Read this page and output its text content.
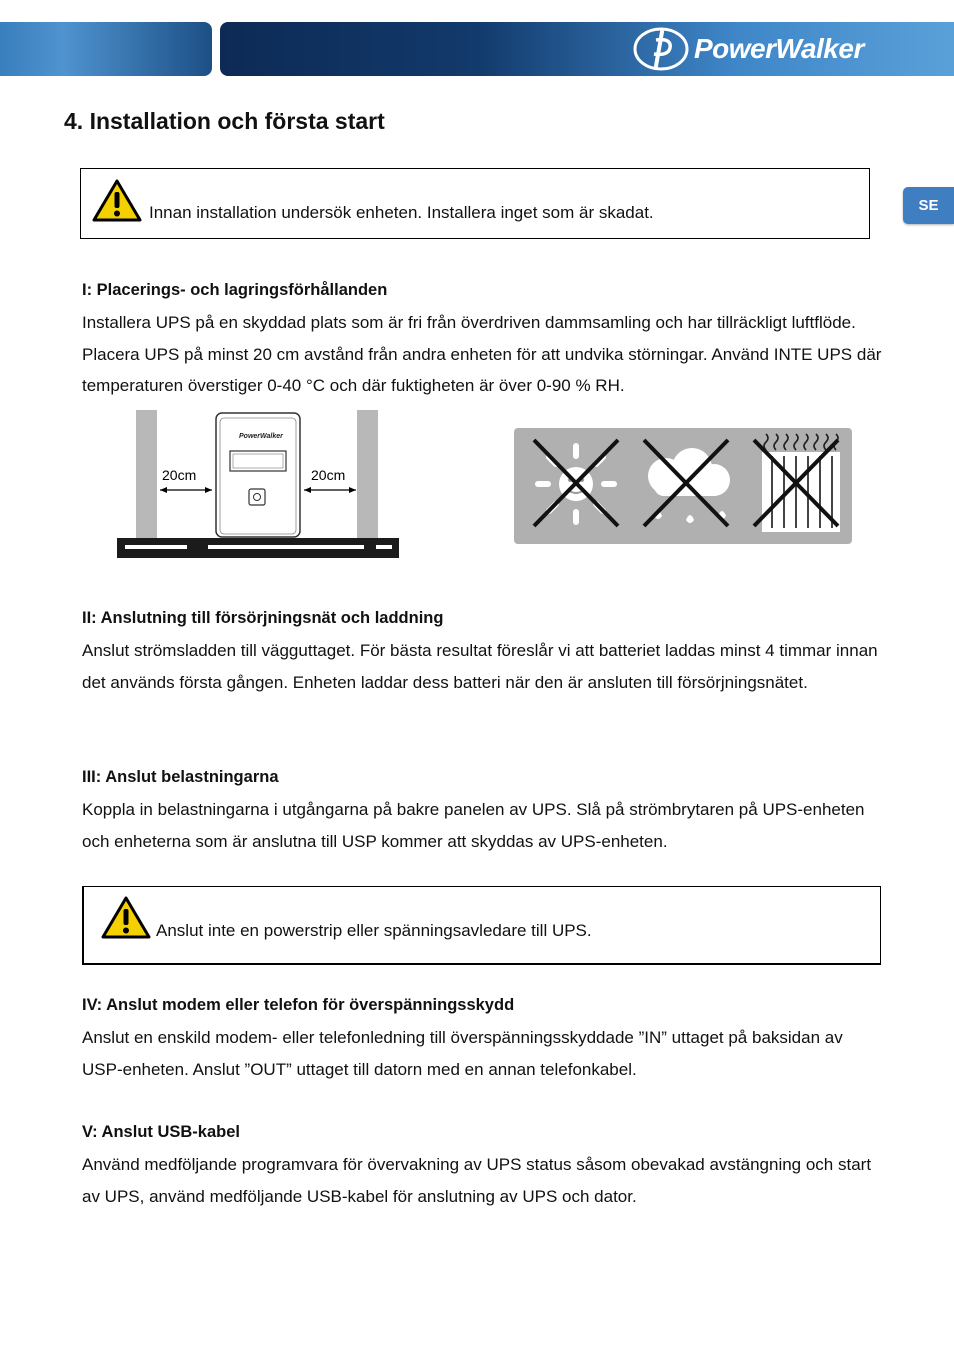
PowerWalker
4. Installation och första start
SE
Innan installation undersök enheten. Installera inget som är skadat.

I: Placerings- och lagringsförhållanden

Installera UPS på en skyddad plats som är fri från överdriven dammsamling och har tillräckligt luftflöde. Placera UPS på minst 20 cm avstånd från andra enheten för att undvika störningar. Använd INTE UPS där temperaturen överstiger 0-40 °C och där fuktigheten är över 0-90 % RH.

PowerWalker
20cm	20cm

II: Anslutning till försörjningsnät och laddning

Anslut strömsladden till vägguttaget. För bästa resultat föreslår vi att batteriet laddas minst 4 timmar innan det används första gången. Enheten laddar dess batteri när den är ansluten till försörjningsnätet.

III: Anslut belastningarna

Koppla in belastningarna i utgångarna på bakre panelen av UPS. Slå på strömbrytaren på UPS-enheten och enheterna som är anslutna till USP kommer att skyddas av UPS-enheten.

Anslut inte en powerstrip eller spänningsavledare till UPS.

IV: Anslut modem eller telefon för överspänningsskydd

Anslut en enskild modem- eller telefonledning till överspänningsskyddade ”IN” uttaget på baksidan av USP-enheten. Anslut ”OUT” uttaget till datorn med en annan telefonkabel.

V: Anslut USB-kabel

Använd medföljande programvara för övervakning av UPS status såsom obevakad avstängning och start av UPS, använd medföljande USB-kabel för anslutning av UPS och dator.
